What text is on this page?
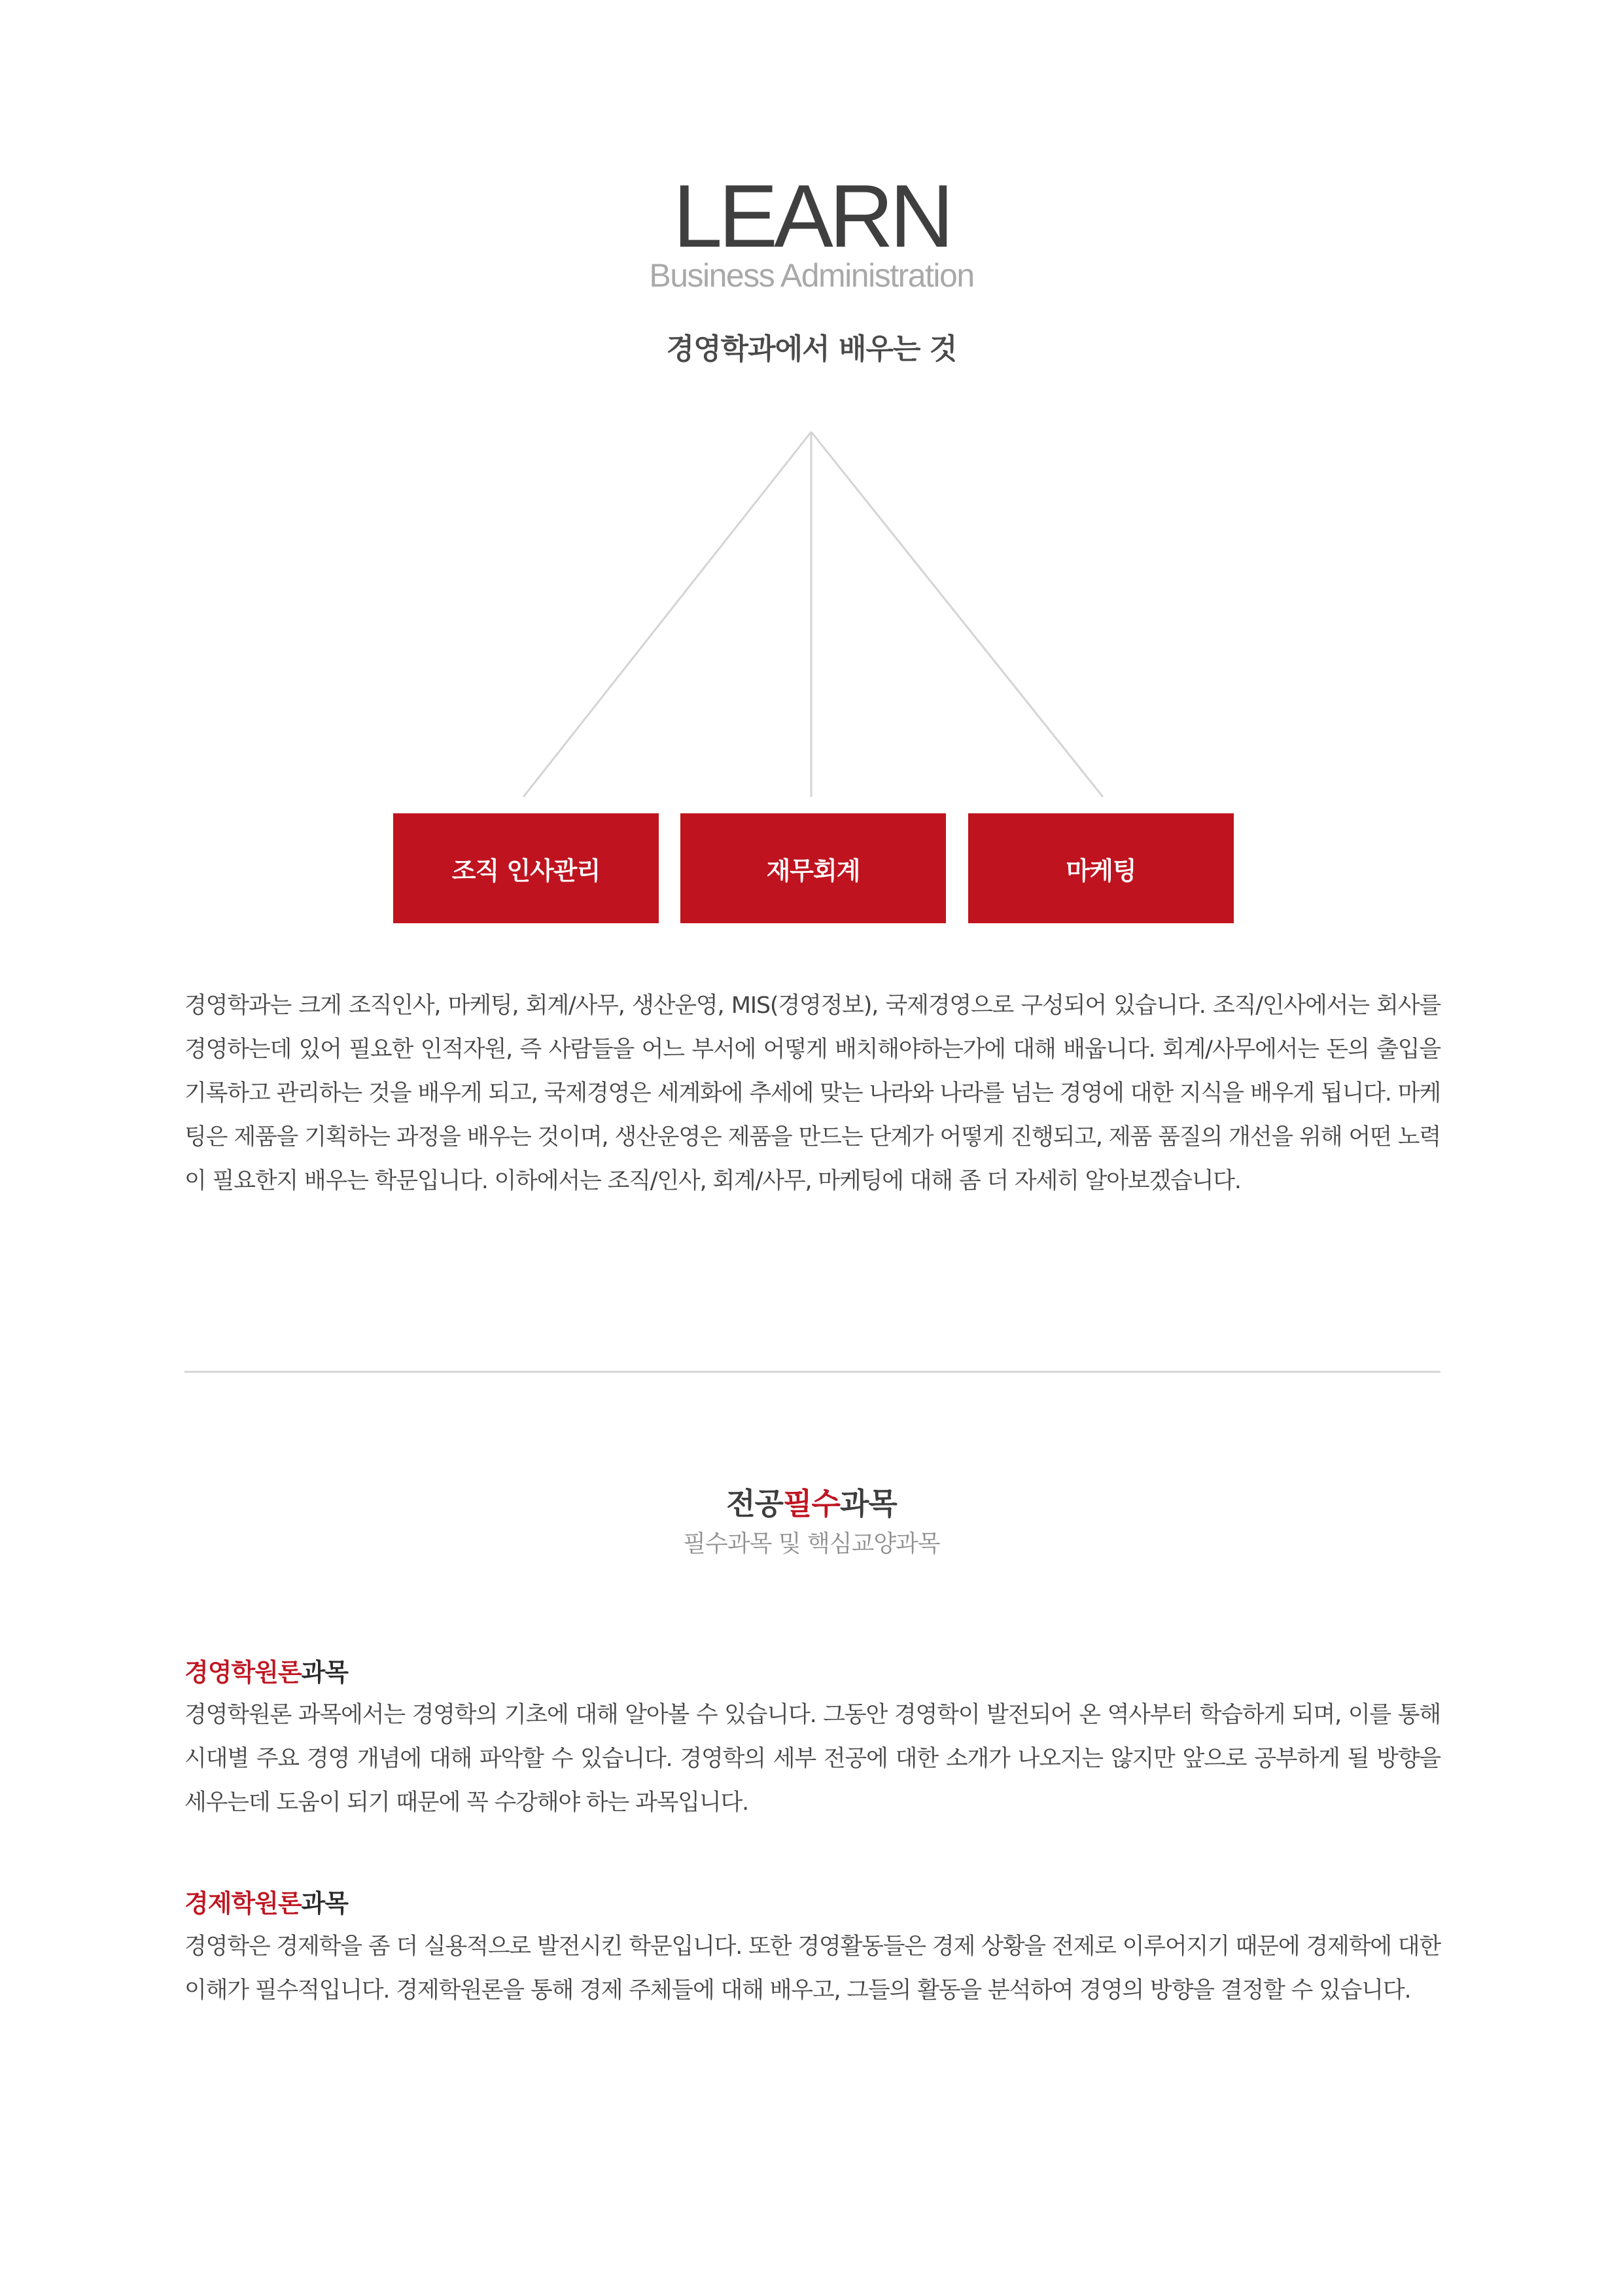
LEARN
Business Administration
경영학과에서 배우는 것
조직 인사관리	재무회계	마케팅

경영학과는 크게 조직인사, 마케팅, 회계/사무, 생산운영, MIS(경영정보), 국제경영으로 구성되어 있습니다. 조직/인사에서는 회사를 경영하는데 있어 필요한 인적자원, 즉 사람들을 어느 부서에 어떻게 배치해야하는가에 대해 배웁니다. 회계/사무에서는 돈의 출입을 기록하고 관리하는 것을 배우게 되고, 국제경영은 세계화에 추세에 맞는 나라와 나라를 넘는 경영에 대한 지식을 배우게 됩니다. 마케팅은 제품을 기획하는 과정을 배우는 것이며, 생산운영은 제품을 만드는 단계가 어떻게 진행되고, 제품 품질의 개선을 위해 어떤 노력이 필요한지 배우는 학문입니다. 이하에서는 조직/인사, 회계/사무, 마케팅에 대해 좀 더 자세히 알아보겠습니다.

전공필수과목
필수과목 및 핵심교양과목
경영학원론과목

경영학원론 과목에서는 경영학의 기초에 대해 알아볼 수 있습니다. 그동안 경영학이 발전되어 온 역사부터 학습하게 되며, 이를 통해 시대별 주요 경영 개념에 대해 파악할 수 있습니다. 경영학의 세부 전공에 대한 소개가 나오지는 않지만 앞으로 공부하게 될 방향을 세우는데 도움이 되기 때문에 꼭 수강해야 하는 과목입니다.

경제학원론과목

경영학은 경제학을 좀 더 실용적으로 발전시킨 학문입니다. 또한 경영활동들은 경제 상황을 전제로 이루어지기 때문에 경제학에 대한 이해가 필수적입니다. 경제학원론을 통해 경제 주체들에 대해 배우고, 그들의 활동을 분석하여 경영의 방향을 결정할 수 있습니다.
